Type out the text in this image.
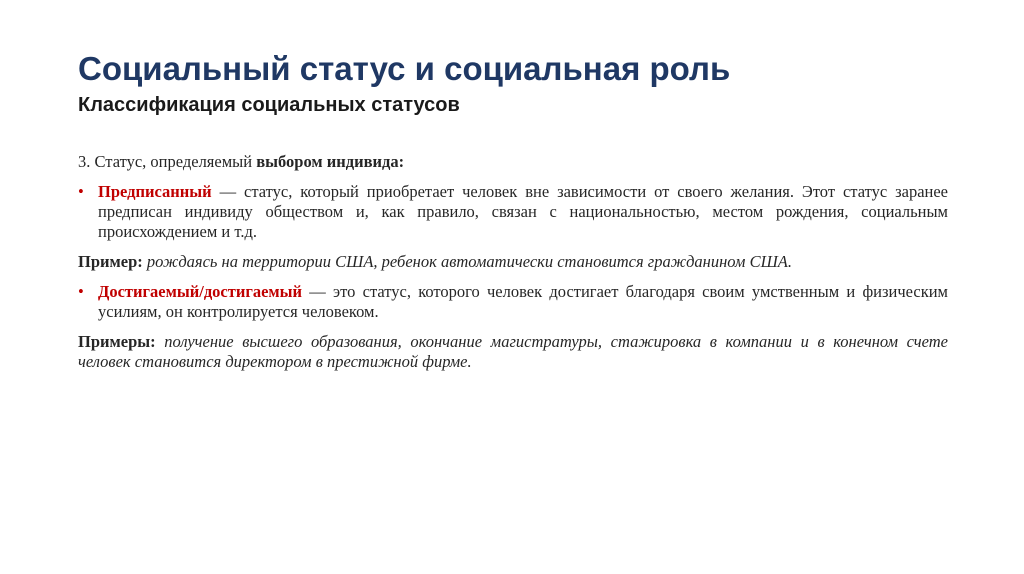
Социальный статус и социальная роль
Классификация социальных статусов

3. Статус, определяемый выбором индивида:

• Предписанный — статус, который приобретает человек вне зависимости от своего желания. Этот статус заранее предписан индивиду обществом и, как правило, связан с национальностью, местом рождения, социальным происхождением и т.д.

Пример: рождаясь на территории США, ребенок автоматически становится гражданином США.

• Достигаемый/достигаемый — это статус, которого человек достигает благодаря своим умственным и физическим усилиям, он контролируется человеком.

Примеры: получение высшего образования, окончание магистратуры, стажировка в компании и в конечном счете человек становится директором в престижной фирме.
